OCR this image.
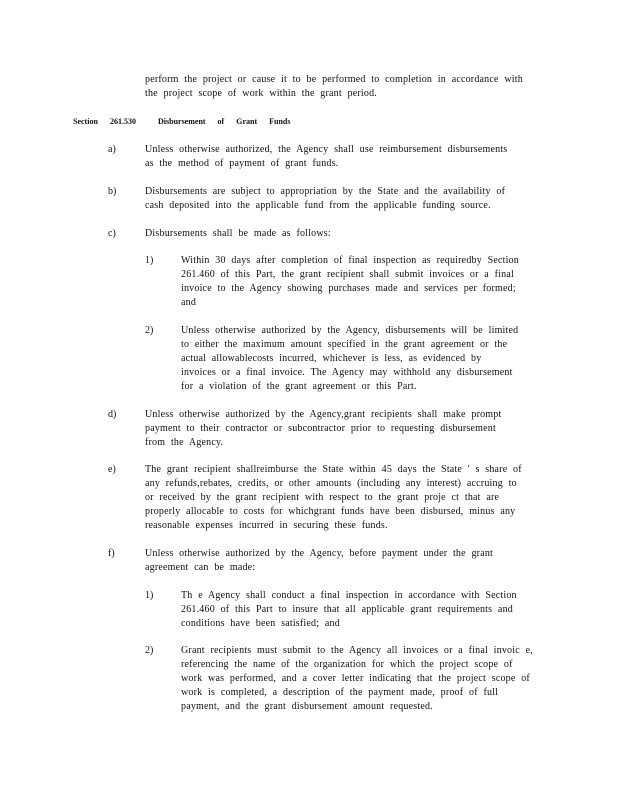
perform the project or cause it to be performed to completion in accordance with
the project scope of work within the grant period.
Section 261.530	Disbursement of Grant Funds
a)	Unless otherwise authorized, the Agency shall use reimbursement disbursements
as the method of payment of grant funds.
b)	Disbursements are subject to appropriation by the State and the availability of
cash deposited into the applicable fund from the applicable funding source.
c)	Disbursements shall be made as follows:
1)	Within 30 days after completion of final inspection as requiredby Section
261.460 of this Part, the grant recipient shall submit invoices or a final
invoice to the Agency showing purchases made and services per formed;
and
2)	Unless otherwise authorized by the Agency, disbursements will be limited
to either the maximum amount specified in the grant agreement or the
actual allowablecosts incurred, whichever is less, as evidenced by
invoices or a final invoice. The Agency may withhold any disbursement
for a violation of the grant agreement or this Part.
d)	Unless otherwise authorized by the Agency,grant recipients shall make prompt
payment to their contractor or subcontractor prior to requesting disbursement
from the Agency.
e)	The grant recipient shallreimburse the State within 45 days the State ' s share of
any refunds,rebates, credits, or other amounts (including any interest) accruing to
or received by the grant recipient with respect to the grant proje ct that are
properly allocable to costs for whichgrant funds have been disbursed, minus any
reasonable expenses incurred in securing these funds.
f)	Unless otherwise authorized by the Agency, before payment under the grant
agreement can be made:
1)	Th e Agency shall conduct a final inspection in accordance with Section
261.460 of this Part to insure that all applicable grant requirements and
conditions have been satisfied; and
2)	Grant recipients must submit to the Agency all invoices or a final invoic e,
referencing the name of the organization for which the project scope of
work was performed, and a cover letter indicating that the project scope of
work is completed, a description of the payment made, proof of full
payment, and the grant disbursement amount requested.
